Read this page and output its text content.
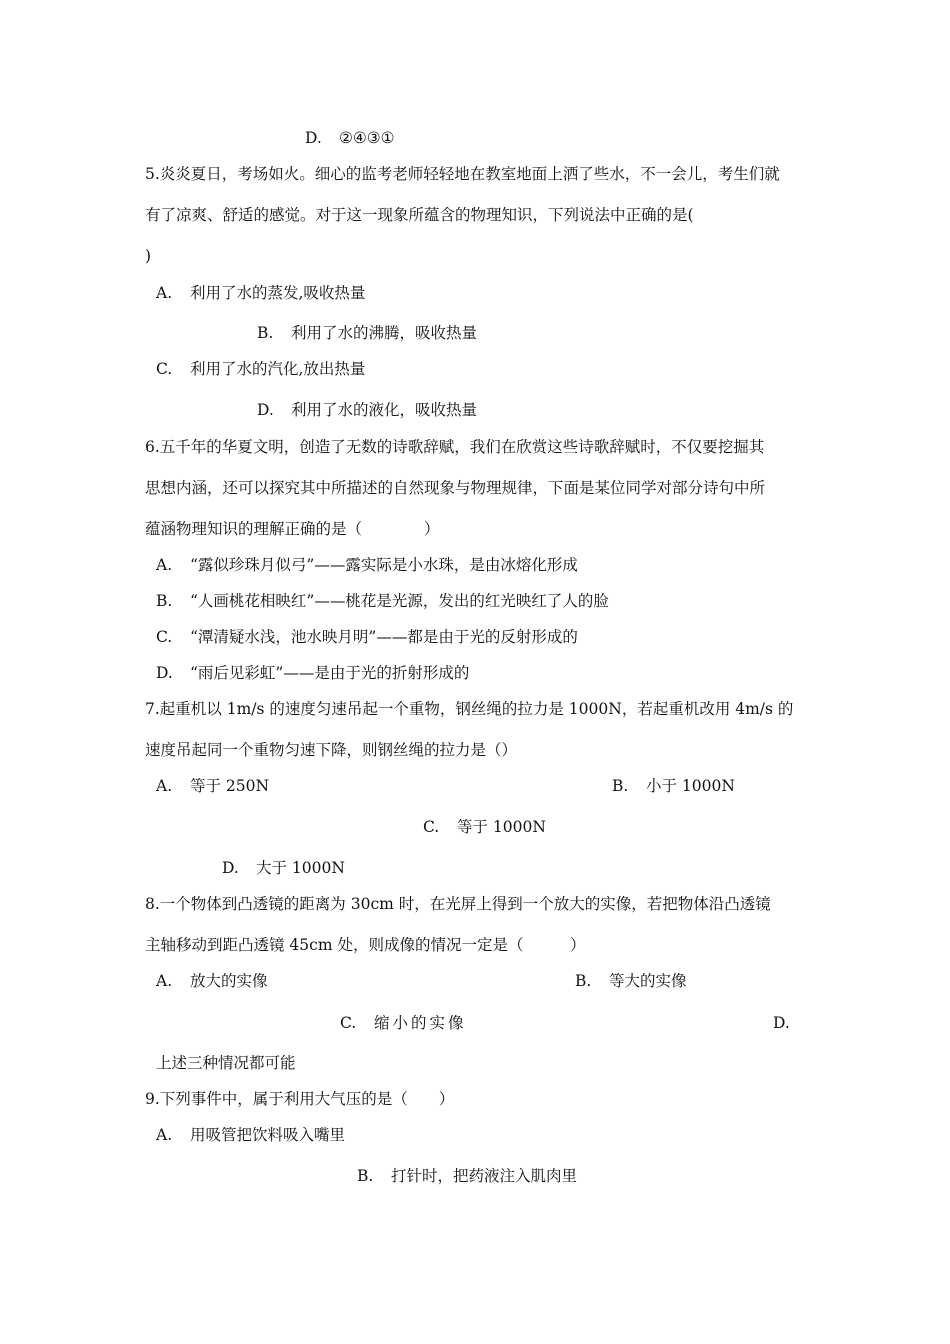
D. ②④③①
5.炎炎夏日，考场如火。细心的监考老师轻轻地在教室地面上洒了些水，不一会儿，考生们就
有了凉爽、舒适的感觉。对于这一现象所蕴含的物理知识，下列说法中正确的是(
)
A. 利用了水的蒸发,吸收热量
B. 利用了水的沸腾，吸收热量
C. 利用了水的汽化,放出热量
D. 利用了水的液化，吸收热量
6.五千年的华夏文明，创造了无数的诗歌辞赋，我们在欣赏这些诗歌辞赋时，不仅要挖掘其
思想内涵，还可以探究其中所描述的自然现象与物理规律，下面是某位同学对部分诗句中所
蕴涵物理知识的理解正确的是（　　　　）
A. “露似珍珠月似弓”——露实际是小水珠，是由冰熔化形成
B. “人画桃花相映红”——桃花是光源，发出的红光映红了人的脸
C. “潭清疑水浅，池水映月明”——都是由于光的反射形成的
D. “雨后见彩虹”——是由于光的折射形成的
7.起重机以 1m/s 的速度匀速吊起一个重物，钢丝绳的拉力是 1000N，若起重机改用 4m/s 的
速度吊起同一个重物匀速下降，则钢丝绳的拉力是（）
A. 等于 250N	B. 小于 1000N
C. 等于 1000N
D. 大于 1000N
8.一个物体到凸透镜的距离为 30cm 时，在光屏上得到一个放大的实像，若把物体沿凸透镜
主轴移动到距凸透镜 45cm 处，则成像的情况一定是（　　　）
A. 放大的实像	B. 等大的实像
C. 缩小的实像	D.
上述三种情况都可能
9.下列事件中，属于利用大气压的是（　　）
A. 用吸管把饮料吸入嘴里
B. 打针时，把药液注入肌肉里
